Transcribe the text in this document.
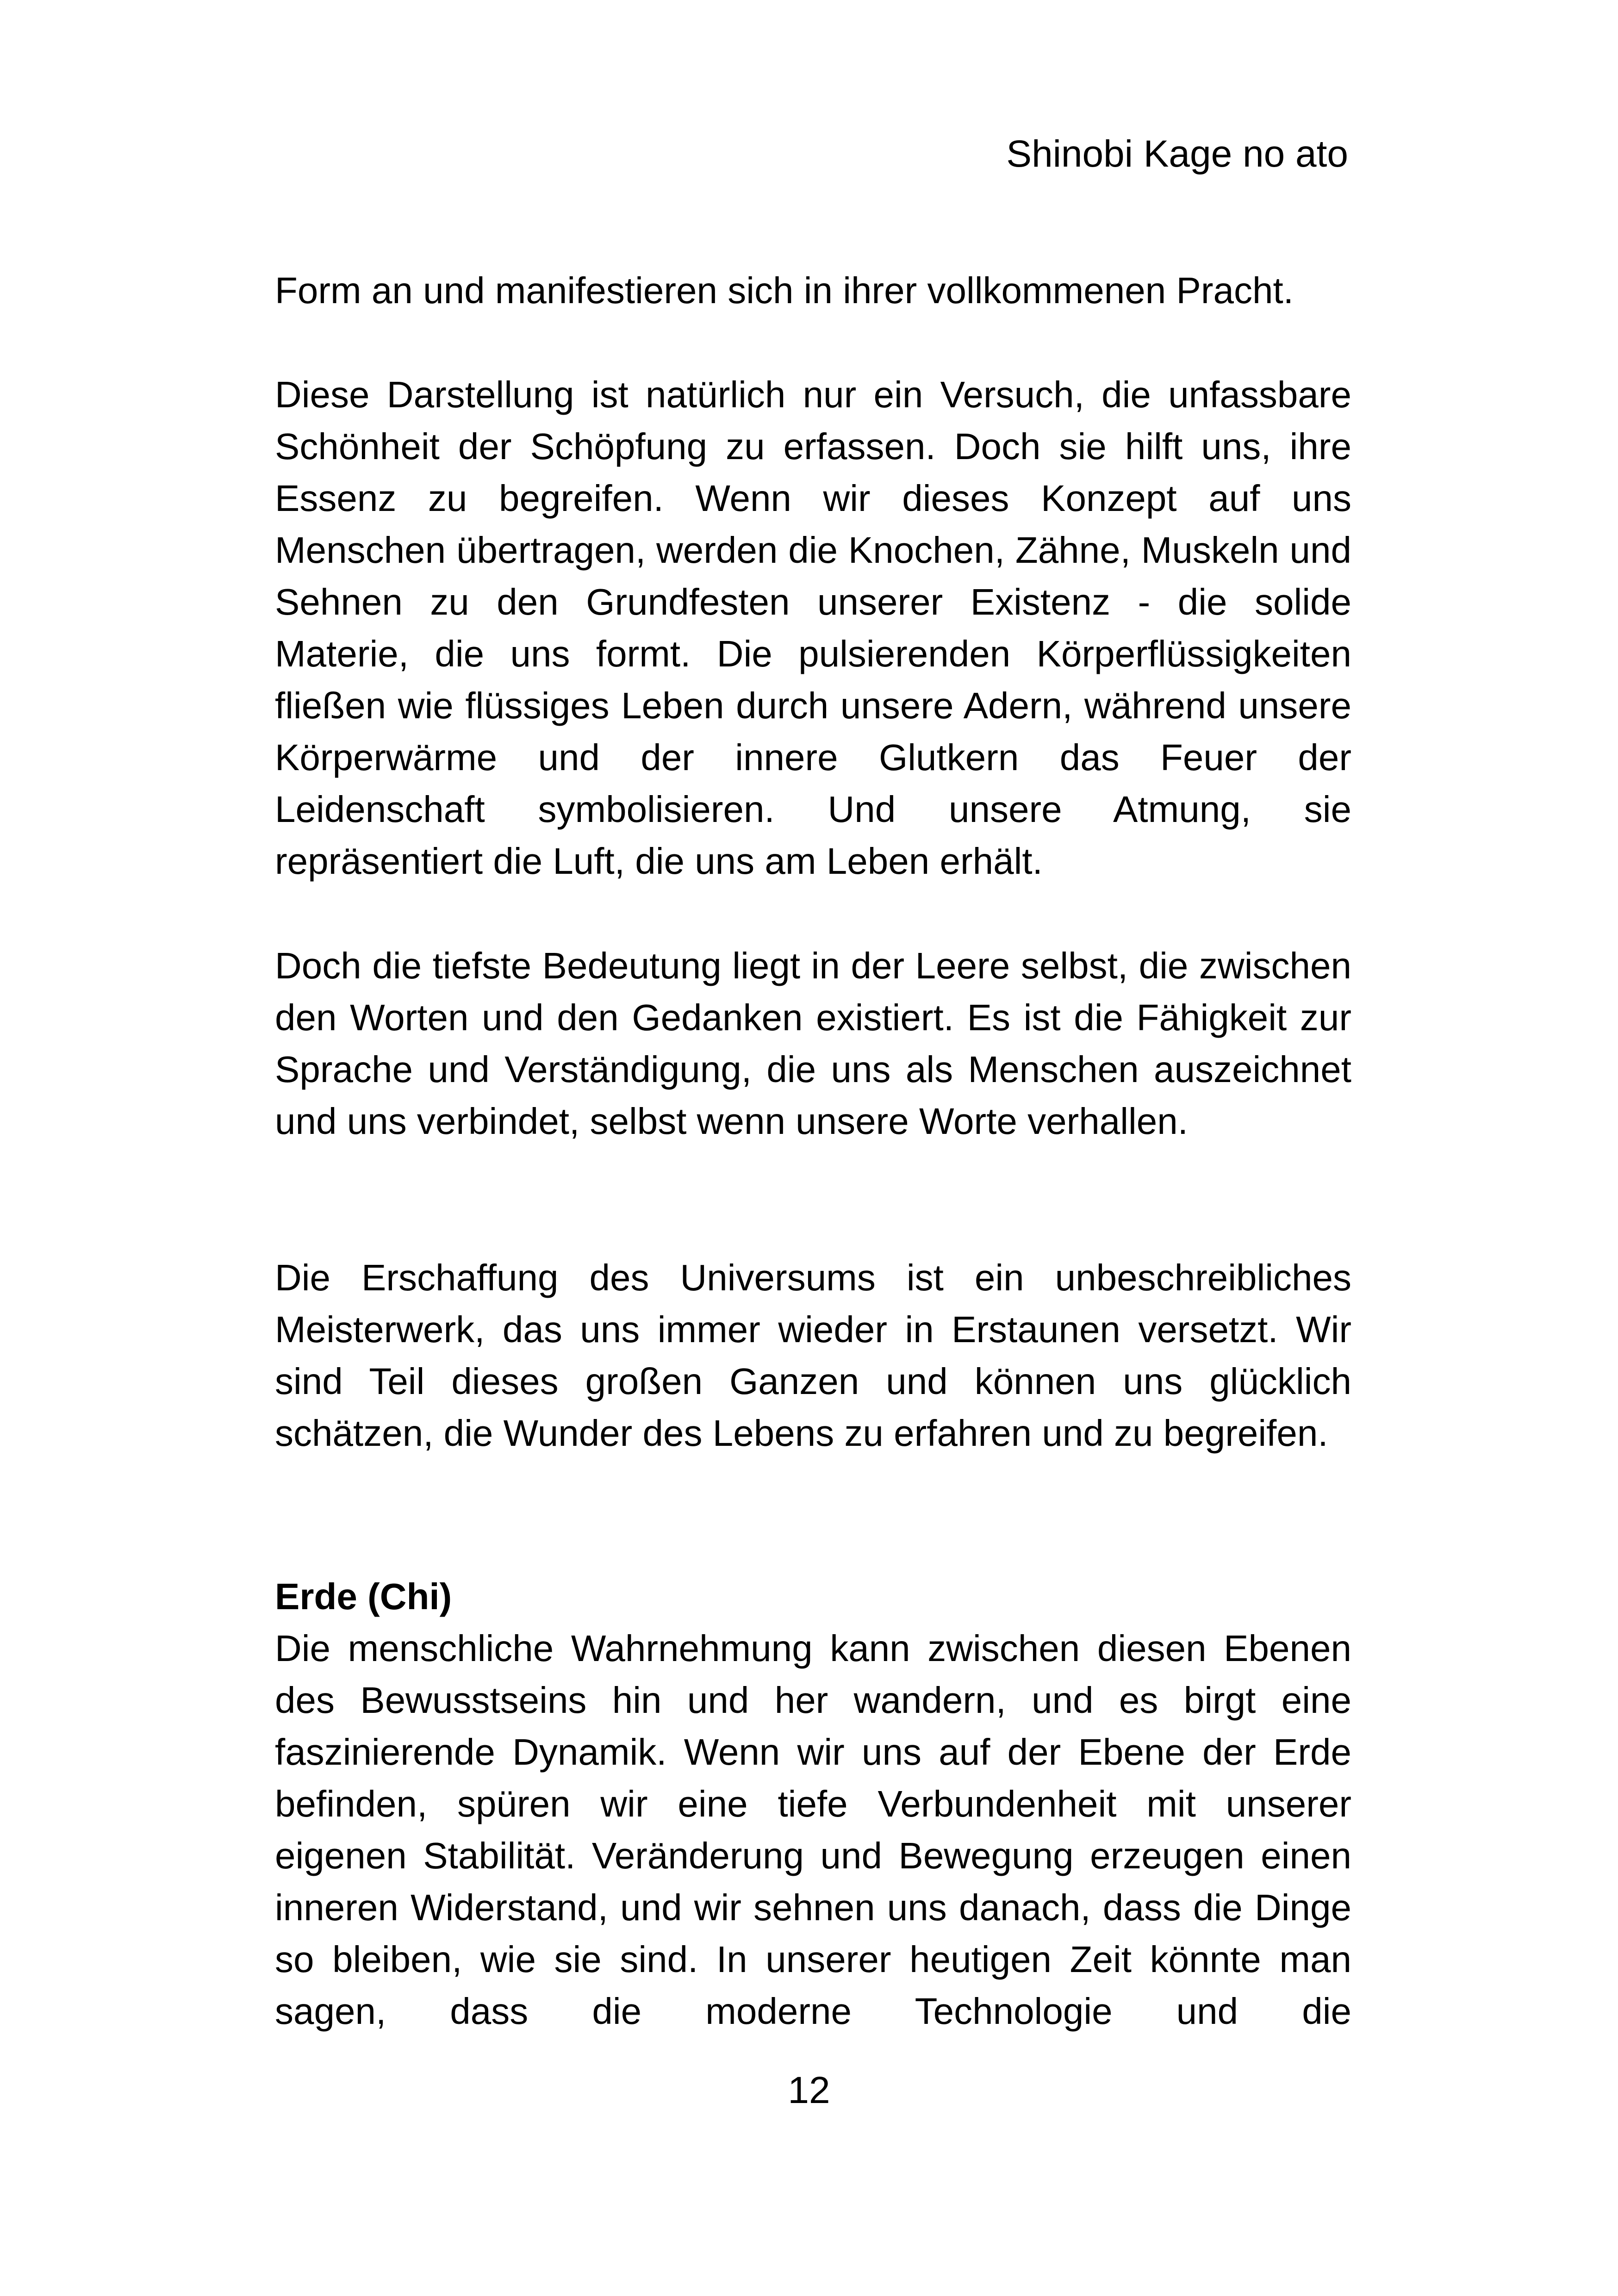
Shinobi Kage no ato

Form an und manifestieren sich in ihrer vollkommenen Pracht.

Diese Darstellung ist natürlich nur ein Versuch, die unfassbare Schönheit der Schöpfung zu erfassen. Doch sie hilft uns, ihre Essenz zu begreifen. Wenn wir dieses Konzept auf uns Menschen übertragen, werden die Knochen, Zähne, Muskeln und Sehnen zu den Grundfesten unserer Existenz - die solide Materie, die uns formt. Die pulsierenden Körperflüssigkeiten fließen wie flüssiges Leben durch unsere Adern, während unsere Körperwärme und der innere Glutkern das Feuer der Leidenschaft symbolisieren. Und unsere Atmung, sie repräsentiert die Luft, die uns am Leben erhält.

Doch die tiefste Bedeutung liegt in der Leere selbst, die zwischen den Worten und den Gedanken existiert. Es ist die Fähigkeit zur Sprache und Verständigung, die uns als Menschen auszeichnet und uns verbindet, selbst wenn unsere Worte verhallen.

Die Erschaffung des Universums ist ein unbeschreibliches Meisterwerk, das uns immer wieder in Erstaunen versetzt. Wir sind Teil dieses großen Ganzen und können uns glücklich schätzen, die Wunder des Lebens zu erfahren und zu begreifen.

Erde (Chi)

Die menschliche Wahrnehmung kann zwischen diesen Ebenen des Bewusstseins hin und her wandern, und es birgt eine faszinierende Dynamik. Wenn wir uns auf der Ebene der Erde befinden, spüren wir eine tiefe Verbundenheit mit unserer eigenen Stabilität. Veränderung und Bewegung erzeugen einen inneren Widerstand, und wir sehnen uns danach, dass die Dinge so bleiben, wie sie sind. In unserer heutigen Zeit könnte man sagen, dass die moderne Technologie und die

12
